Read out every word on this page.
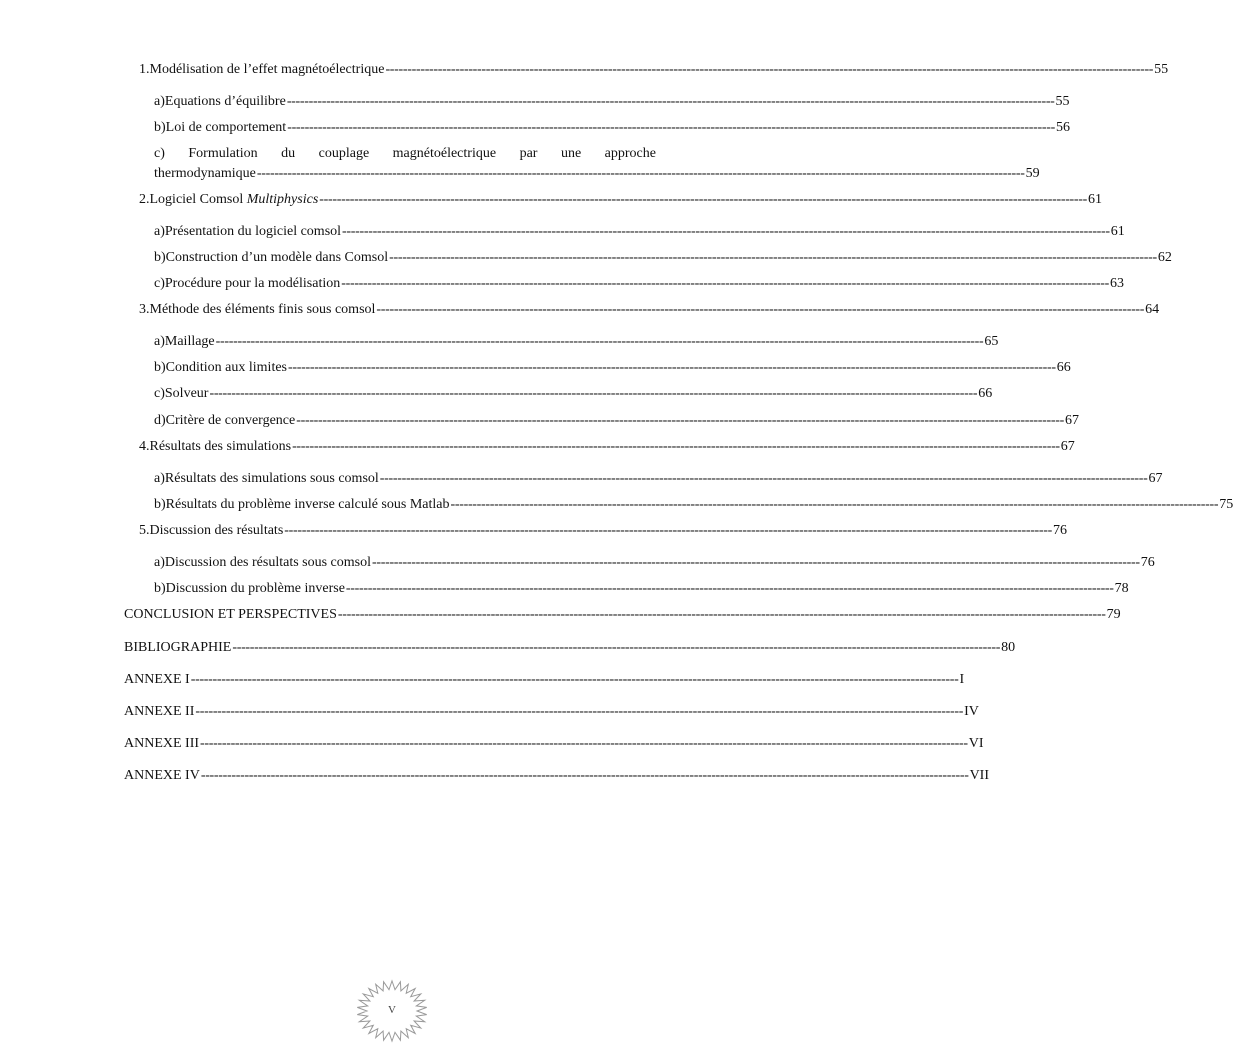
1. Modélisation de l’effet magnétoélectrique -------------------------------------------------------------------------------------------------------------------------------------------------------------------------------- 55
a) Equations d’équilibre -------------------------------------------------------------------------------------------------------------------------------------------------------------------------------- 55
b) Loi de comportement -------------------------------------------------------------------------------------------------------------------------------------------------------------------------------- 56
c) Formulation du couplage magnétoélectrique par une approche
thermodynamique -------------------------------------------------------------------------------------------------------------------------------------------------------------------------------- 59
2. Logiciel Comsol Multiphysics -------------------------------------------------------------------------------------------------------------------------------------------------------------------------------- 61
a) Présentation du logiciel comsol -------------------------------------------------------------------------------------------------------------------------------------------------------------------------------- 61
b) Construction d’un modèle dans Comsol -------------------------------------------------------------------------------------------------------------------------------------------------------------------------------- 62
c) Procédure pour la modélisation -------------------------------------------------------------------------------------------------------------------------------------------------------------------------------- 63
3. Méthode des éléments finis sous comsol -------------------------------------------------------------------------------------------------------------------------------------------------------------------------------- 64
a) Maillage -------------------------------------------------------------------------------------------------------------------------------------------------------------------------------- 65
b) Condition aux limites -------------------------------------------------------------------------------------------------------------------------------------------------------------------------------- 66
c) Solveur -------------------------------------------------------------------------------------------------------------------------------------------------------------------------------- 66
d) Critère de convergence -------------------------------------------------------------------------------------------------------------------------------------------------------------------------------- 67
4. Résultats des simulations -------------------------------------------------------------------------------------------------------------------------------------------------------------------------------- 67
a) Résultats des simulations sous comsol -------------------------------------------------------------------------------------------------------------------------------------------------------------------------------- 67
b) Résultats du problème inverse calculé sous Matlab -------------------------------------------------------------------------------------------------------------------------------------------------------------------------------- 75
5. Discussion des résultats -------------------------------------------------------------------------------------------------------------------------------------------------------------------------------- 76
a) Discussion des résultats sous comsol -------------------------------------------------------------------------------------------------------------------------------------------------------------------------------- 76
b) Discussion du problème inverse -------------------------------------------------------------------------------------------------------------------------------------------------------------------------------- 78
CONCLUSION ET PERSPECTIVES -------------------------------------------------------------------------------------------------------------------------------------------------------------------------------- 79
BIBLIOGRAPHIE -------------------------------------------------------------------------------------------------------------------------------------------------------------------------------- 80
ANNEXE I -------------------------------------------------------------------------------------------------------------------------------------------------------------------------------- I
ANNEXE II -------------------------------------------------------------------------------------------------------------------------------------------------------------------------------- IV
ANNEXE III -------------------------------------------------------------------------------------------------------------------------------------------------------------------------------- VI
ANNEXE IV -------------------------------------------------------------------------------------------------------------------------------------------------------------------------------- VII
V
